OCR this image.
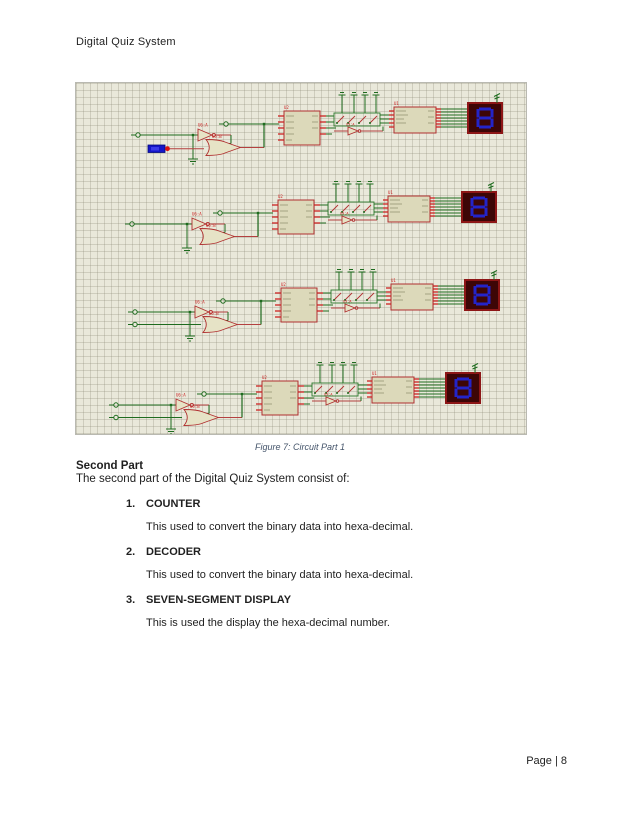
Digital Quiz System
Figure 7: Circuit Part 1

Second Part

The second part of the Digital Quiz System consist of:

1. COUNTER
This used to convert the binary data into hexa-decimal.
2. DECODER
This used to convert the binary data into hexa-decimal.
3. SEVEN-SEGMENT DISPLAY
This is used the display the hexa-decimal number.
Page | 8
